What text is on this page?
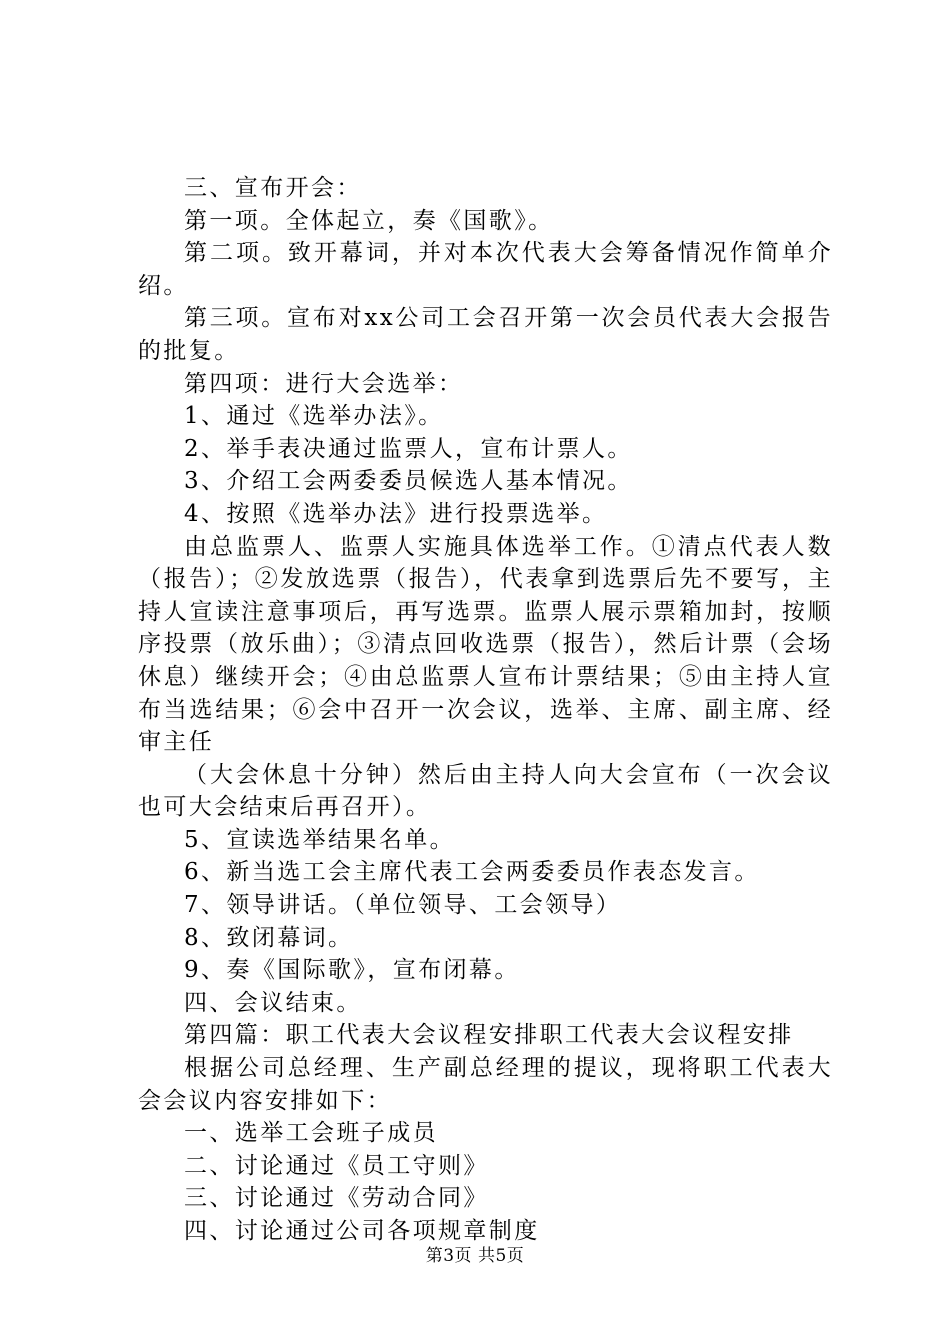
三、宣布开会：

第一项。全体起立，奏《国歌》。

第二项。致开幕词，并对本次代表大会筹备情况作简单介绍。

第三项。宣布对xx公司工会召开第一次会员代表大会报告的批复。

第四项：进行大会选举：

1、通过《选举办法》。

2、举手表决通过监票人，宣布计票人。

3、介绍工会两委委员候选人基本情况。

4、按照《选举办法》进行投票选举。

由总监票人、监票人实施具体选举工作。①清点代表人数（报告）；②发放选票（报告），代表拿到选票后先不要写，主持人宣读注意事项后，再写选票。监票人展示票箱加封，按顺序投票（放乐曲）；③清点回收选票（报告），然后计票（会场休息）继续开会；④由总监票人宣布计票结果；⑤由主持人宣布当选结果；⑥会中召开一次会议，选举、主席、副主席、经审主任

（大会休息十分钟）然后由主持人向大会宣布（一次会议也可大会结束后再召开）。

5、宣读选举结果名单。

6、新当选工会主席代表工会两委委员作表态发言。

7、领导讲话。（单位领导、工会领导）

8、致闭幕词。

9、奏《国际歌》，宣布闭幕。

四、会议结束。

第四篇：职工代表大会议程安排职工代表大会议程安排

根据公司总经理、生产副总经理的提议，现将职工代表大会会议内容安排如下：

一、选举工会班子成员

二、讨论通过《员工守则》

三、讨论通过《劳动合同》

四、讨论通过公司各项规章制度

第3页 共5页
